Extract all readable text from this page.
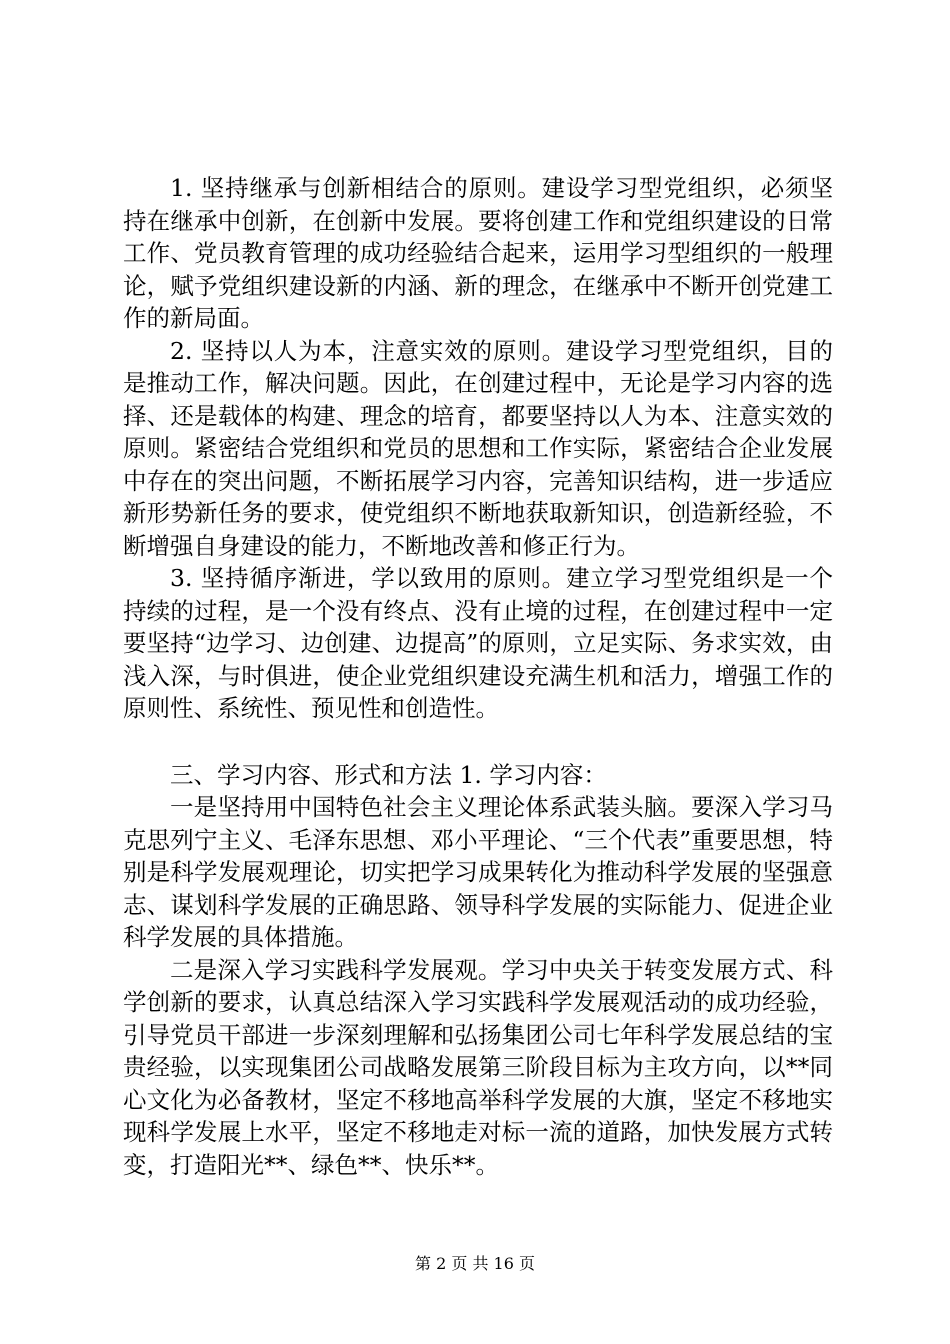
1. 坚持继承与创新相结合的原则。建设学习型党组织，必须坚持在继承中创新，在创新中发展。要将创建工作和党组织建设的日常工作、党员教育管理的成功经验结合起来，运用学习型组织的一般理论，赋予党组织建设新的内涵、新的理念，在继承中不断开创党建工作的新局面。

2. 坚持以人为本，注意实效的原则。建设学习型党组织，目的是推动工作，解决问题。因此，在创建过程中，无论是学习内容的选择、还是载体的构建、理念的培育，都要坚持以人为本、注意实效的原则。紧密结合党组织和党员的思想和工作实际，紧密结合企业发展中存在的突出问题，不断拓展学习内容，完善知识结构，进一步适应新形势新任务的要求，使党组织不断地获取新知识，创造新经验，不断增强自身建设的能力，不断地改善和修正行为。

3. 坚持循序渐进，学以致用的原则。建立学习型党组织是一个持续的过程，是一个没有终点、没有止境的过程，在创建过程中一定要坚持“边学习、边创建、边提高”的原则，立足实际、务求实效，由浅入深，与时俱进，使企业党组织建设充满生机和活力，增强工作的原则性、系统性、预见性和创造性。

三、学习内容、形式和方法 1. 学习内容：

一是坚持用中国特色社会主义理论体系武装头脑。要深入学习马克思列宁主义、毛泽东思想、邓小平理论、“三个代表”重要思想，特别是科学发展观理论，切实把学习成果转化为推动科学发展的坚强意志、谋划科学发展的正确思路、领导科学发展的实际能力、促进企业科学发展的具体措施。

二是深入学习实践科学发展观。学习中央关于转变发展方式、科学创新的要求，认真总结深入学习实践科学发展观活动的成功经验，引导党员干部进一步深刻理解和弘扬集团公司七年科学发展总结的宝贵经验，以实现集团公司战略发展第三阶段目标为主攻方向，以**同心文化为必备教材，坚定不移地高举科学发展的大旗，坚定不移地实现科学发展上水平，坚定不移地走对标一流的道路，加快发展方式转变，打造阳光**、绿色**、快乐**。

第 2 页 共 16 页
